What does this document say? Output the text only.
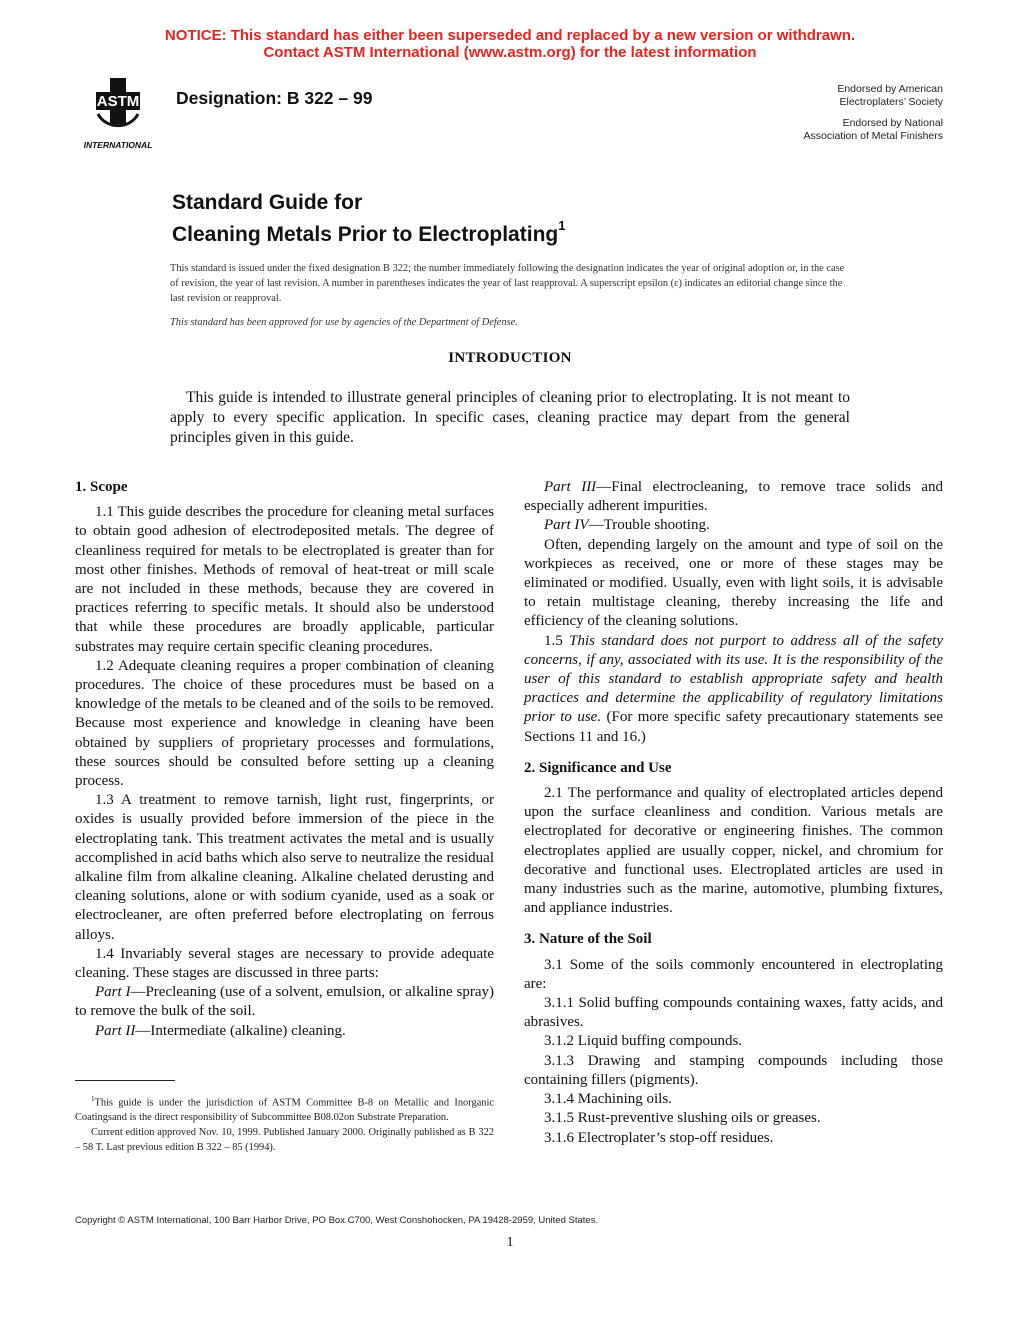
NOTICE: This standard has either been superseded and replaced by a new version or withdrawn.
Contact ASTM International (www.astm.org) for the latest information
ASTM
INTERNATIONAL
Designation: B 322 – 99	Endorsed by American
Electroplaters’ Society
Endorsed by National
Association of Metal Finishers
Standard Guide for
Cleaning Metals Prior to Electroplating$^1$
This standard is issued under the fixed designation B 322; the number immediately following the designation indicates the year of original adoption or, in the case of revision, the year of last revision. A number in parentheses indicates the year of last reapproval. A superscript epsilon (ε) indicates an editorial change since the last revision or reapproval.
This standard has been approved for use by agencies of the Department of Defense.
INTRODUCTION
This guide is intended to illustrate general principles of cleaning prior to electroplating. It is not meant to apply to every specific application. In specific cases, cleaning practice may depart from the general principles given in this guide.
1. Scope

1.1 This guide describes the procedure for cleaning metal surfaces to obtain good adhesion of electrodeposited metals. The degree of cleanliness required for metals to be electroplated is greater than for most other finishes. Methods of removal of heat-treat or mill scale are not included in these methods, because they are covered in practices referring to specific metals. It should also be understood that while these procedures are broadly applicable, particular substrates may require certain specific cleaning procedures.

1.2 Adequate cleaning requires a proper combination of cleaning procedures. The choice of these procedures must be based on a knowledge of the metals to be cleaned and of the soils to be removed. Because most experience and knowledge in cleaning have been obtained by suppliers of proprietary processes and formulations, these sources should be consulted before setting up a cleaning process.

1.3 A treatment to remove tarnish, light rust, fingerprints, or oxides is usually provided before immersion of the piece in the electroplating tank. This treatment activates the metal and is usually accomplished in acid baths which also serve to neutralize the residual alkaline film from alkaline cleaning. Alkaline chelated derusting and cleaning solutions, alone or with sodium cyanide, used as a soak or electrocleaner, are often preferred before electroplating on ferrous alloys.

1.4 Invariably several stages are necessary to provide adequate cleaning. These stages are discussed in three parts:

Part I—Precleaning (use of a solvent, emulsion, or alkaline spray) to remove the bulk of the soil.

Part II—Intermediate (alkaline) cleaning.

Part III—Final electrocleaning, to remove trace solids and especially adherent impurities.

Part IV—Trouble shooting.

Often, depending largely on the amount and type of soil on the workpieces as received, one or more of these stages may be eliminated or modified. Usually, even with light soils, it is advisable to retain multistage cleaning, thereby increasing the life and efficiency of the cleaning solutions.

1.5 This standard does not purport to address all of the safety concerns, if any, associated with its use. It is the responsibility of the user of this standard to establish appropriate safety and health practices and determine the applicability of regulatory limitations prior to use. (For more specific safety precautionary statements see Sections 11 and 16.)

2. Significance and Use

2.1 The performance and quality of electroplated articles depend upon the surface cleanliness and condition. Various metals are electroplated for decorative or engineering finishes. The common electroplates applied are usually copper, nickel, and chromium for decorative and functional uses. Electroplated articles are used in many industries such as the marine, automotive, plumbing fixtures, and appliance industries.

3. Nature of the Soil

3.1 Some of the soils commonly encountered in electroplating are:

3.1.1 Solid buffing compounds containing waxes, fatty acids, and abrasives.

3.1.2 Liquid buffing compounds.

3.1.3 Drawing and stamping compounds including those containing fillers (pigments).

3.1.4 Machining oils.

3.1.5 Rust-preventive slushing oils or greases.

3.1.6 Electroplater’s stop-off residues.

$^1$This guide is under the jurisdiction of ASTM Committee B-8 on Metallic and Inorganic Coatingsand is the direct responsibility of Subcommittee B08.02on Substrate Preparation.

Current edition approved Nov. 10, 1999. Published January 2000. Originally published as B 322 – 58 T. Last previous edition B 322 – 85 (1994).

Copyright © ASTM International, 100 Barr Harbor Drive, PO Box C700, West Conshohocken, PA 19428-2959, United States.
1
